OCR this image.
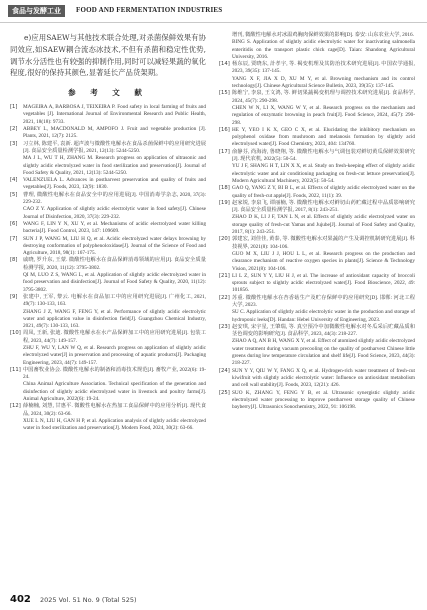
食品与发酵工业	FOOD AND FERMENTATION INDUSTRIES

e)应用SAEW与其他技术联合处理,对杀菌保鲜效果有协同效应,如SAEW耦合流态冰技术,不但有杀菌和稳定性优势,调节水分活性也有较强的抑制作用,同时可以减轻果蔬的氧化程度,很好的保持其颜色,显著延长产品货架期。

参 考 文 献
[1]	MAGEIRA A, BARBOSA J, TEIXEIRA P. Food safety in local farming of fruits and vegetables [J]. International Journal of Environmental Research and Public Health, 2021, 18(18): 9733.
[2]	ABBEY L, MACDONALD M, AMPOFO J. Fruit and vegetable production [J]. Plants, 2021, 12(7): 2125.
[3]	习立林, 陈建平, 袁新. 超声波与微酸性电解水在食品杀菌保鲜中的应用研究进展[J]. 食品安全质量检测学报, 2021, 12(13): 5244-5250.
MA J L, WU T H, ZHANG M. Research progress on application of ultrasonic and slightly acidic electrolyzed water in food sterilization and preservation[J]. Journal of Food Safety & Quality, 2021, 12(13): 5244-5250.
[4]	VALENZUELA L. Advances in postharvest preservation and quality of fruits and vegetables[J]. Foods, 2023, 12(9): 1830.
[5]	曹理, 微酸性电解水在食品安全中的应用进展[J]. 中国消毒学杂志, 2020, 37(3): 229-232.
CAO Z Y. Application of slightly acidic electrolytic water in food safety[J]. Chinese Journal of Disinfection, 2020, 37(3): 229-232.
[6]	WANG F, LIN Y N, XU Y, et al. Mechanisms of acidic electrolyzed water killing bacteria[J]. Food Control, 2023, 147: 109609.
[7]	SUN J P, WANG M, LIU H Q, et al. Acidic electrolyzed water delays browning by destroying conformation of polyphenoloxidase[J]. Journal of the Science of Food and Agriculture, 2018, 98(1): 167-175.
[8]	戚晓, 罗升东, 王蒙. 微酸性电解水在食品保鲜消毒领域的应用[J]. 食品安全质量检测学报, 2020, 11(12): 3795-3802.
QI M, LUO Z S, WANG L, et al. Application of slightly acidic electrolyzed water in food preservation and disinfection[J]. Journal of Food Safety & Quality, 2020, 11(12): 3795-3802.
[9]	张建中, 王军, 黎云. 电解水在食品加工中的应用研究进展[J]. 广州化工, 2021, 49(7): 130-133, 163.
ZHANG J Z, WANG F, FENG Y, et al. Performance of slightly acidic electrolytic water and application value in disinfection field[J]. Guangzhou Chemical Industry, 2021, 49(7): 130-133, 163.
[10] 周凤, 王新, 张迪. 微酸性电解水在水产品保鲜加工中的应用研究进展[J]. 包装工程, 2023, 44(7): 149-157.
ZHU F, WU Y, LAN W Q, et al. Research progress on application of slightly acidic electrolyzed water[J] in preservation and processing of aquatic products[J]. Packaging Engineering, 2023, 44(7): 149-157.
[11] 中国畜牧业协会. 微酸性电解水的制备和消毒技术规范[J]. 畜牧产业, 2022(6): 19-24.
China Animal Agriculture Association. Technical specification of the generation and disinfection of slightly acidic electrolyzed water in livestock and poultry farms[J]. Animal Agriculture, 2022(6): 19-24.
[12] 薛楠楠, 刘慧, 甘惠平. 微酸性电解水在热加工食品保鲜中的应用分析[J]. 现代食品, 2024, 30(2): 63-66.
XUE L N, LIU H, GAN H P, et al. Application analysis of slightly acidic electrolyzed water in food sterilization and preservation[J]. Modern Food, 2024, 30(2): 63-66.
增刊, 微酸性电解水对冰温鸡胸肉保鲜效果的影响[D]. 泰安: 山东农业大学, 2016.
BING S. Application of slightly acidic electrolytic water for inactivating salmonella enteritidis on the transport plastic chick cage[D]. Taian: Shandong Agricultural University, 2016.
[14] 杨东辰, 贾晓东, 計孝宇, 等. 褐变机理及其防治技术研究进展[J]. 中国农学通报, 2023, 39(35): 137-145.
YANG X F, JIA X D, XU M Y, et al. Browning mechanism and its control technology[J]. Chinese Agricultural Science Bulletin, 2023, 39(35): 137-145.
[15] 陈维宁, 李泉, 王文鸿, 等. 鲜切果蔬褐变机理与调控技术研究进展[J]. 食品科学, 2024, 45(7): 290-298.
CHEN W N, LI X, WANG W Y, et al. Research progress on the mechanism and regulation of enzymatic browning in peach fruit[J]. Food Science, 2024, 45(7): 290-298.
[16] HE Y, YEO I K X, GEO C X, et al. Elucidating the inhibitory mechanism on polyphenol oxidase from mushroom and melanosis formation by slightly acid electrolysed water[J]. Food Chemistry, 2023, 404: 134760.
[17] 俞静芬, 尚海涛, 鲁晓翔, 等. 微酸性电解水与气调包装对鲜切黄瓜保鲜效果研究[J]. 现代农机, 2022(5): 50-54.
YU J F, SHANG H T, LIN X X, et al. Study on fresh-keeping effect of slightly acidic electrolytic water and air conditioning packaging on fresh-cut lettuce preservation[J]. Modern Agricultural Machinery, 2022(5): 50-54.
[18] GAO Q, YANG Z Y, BI B L, et al. Effects of slightly acidic electrolyzed water on the quality of fresh-cut apple[J]. Foods, 2022, 11(1): 39.
[19] 赵家锐, 李泉飞, 谭丽楠, 等. 微酸性电解水对鲜切山药贮藏过程中品质影响研究[J]. 食品安全质量检测学报, 2017, 8(1): 243-251.
ZHAO D K, LI J F, TAN L N, et al. Effects of slightly acidic electrolyzed water on storage quality of fresh-cut Yamas and Jujube[J]. Journal of Food Safety and Quality, 2017, 8(1): 243-251.
[20] 郭建宏, 刘佳佳, 黄泰, 等. 微酸性电解水对果蔬的产生及调控机制研究进展[J]. 科技视界, 2021(8): 104-106.
GUO M X, LIU J J, HOU L L, et al. Research progress on the production and clearance mechanism of reactive oxygen species in plants[J]. Science & Technology Vision, 2021(8): 104-106.
[21] LI L Z, SUN Y Y, LIU H J, et al. The increase of antioxidant capacity of broccoli sprouts subject to slightly acidic electrolyzed water[J]. Food Bioscience, 2022, 49: 101856.
[22] 苏重. 微酸性电解水在杏香菇生产及贮存保鲜中的应用研究[D]. 邯郸: 河北工程大学, 2023.
SU C. Application of slightly acidic electrolytic water in the production and storage of hydroponic leeks[D]. Handan: Hebei University of Engineering, 2023.
[23] 赵安琪, 宋宇星, 王肇瑞, 等. 真空预冷中加微酸性电解水对冬瓜采后贮藏品质和茎色调变的影响研究[J]. 食品科学, 2023, 44(3): 218-227.
ZHAO A Q, AN B H, WANG X Y, et al. Effect of atomized slightly acidic electrolyzed water treatment during vacuum precooling on the quality of postharvest Chinese little greens during low temperature circulation and shelf life[J]. Food Science, 2023, 44(3): 218-227.
[24] SUN Y Y, QIU W Y, FANG X Q, et al. Hydrogen-rich water treatment of fresh-cut kiwifruit with slightly acidic electrolytic water: Influence on antioxidant metabolism and cell wall stability[J]. Foods, 2023, 12(21): 426.
[25] SUO K, ZHANG Y, FENG Y B, et al. Ultrasonic synergistic slightly acidic electrolyzed water processing to improve postharvest storage quality of Chinese bayberry[J]. Ultrasonics Sonochemistry, 2022, 91: 106198.
402 2025 Vol. 51 No. 9 (Total 525)
